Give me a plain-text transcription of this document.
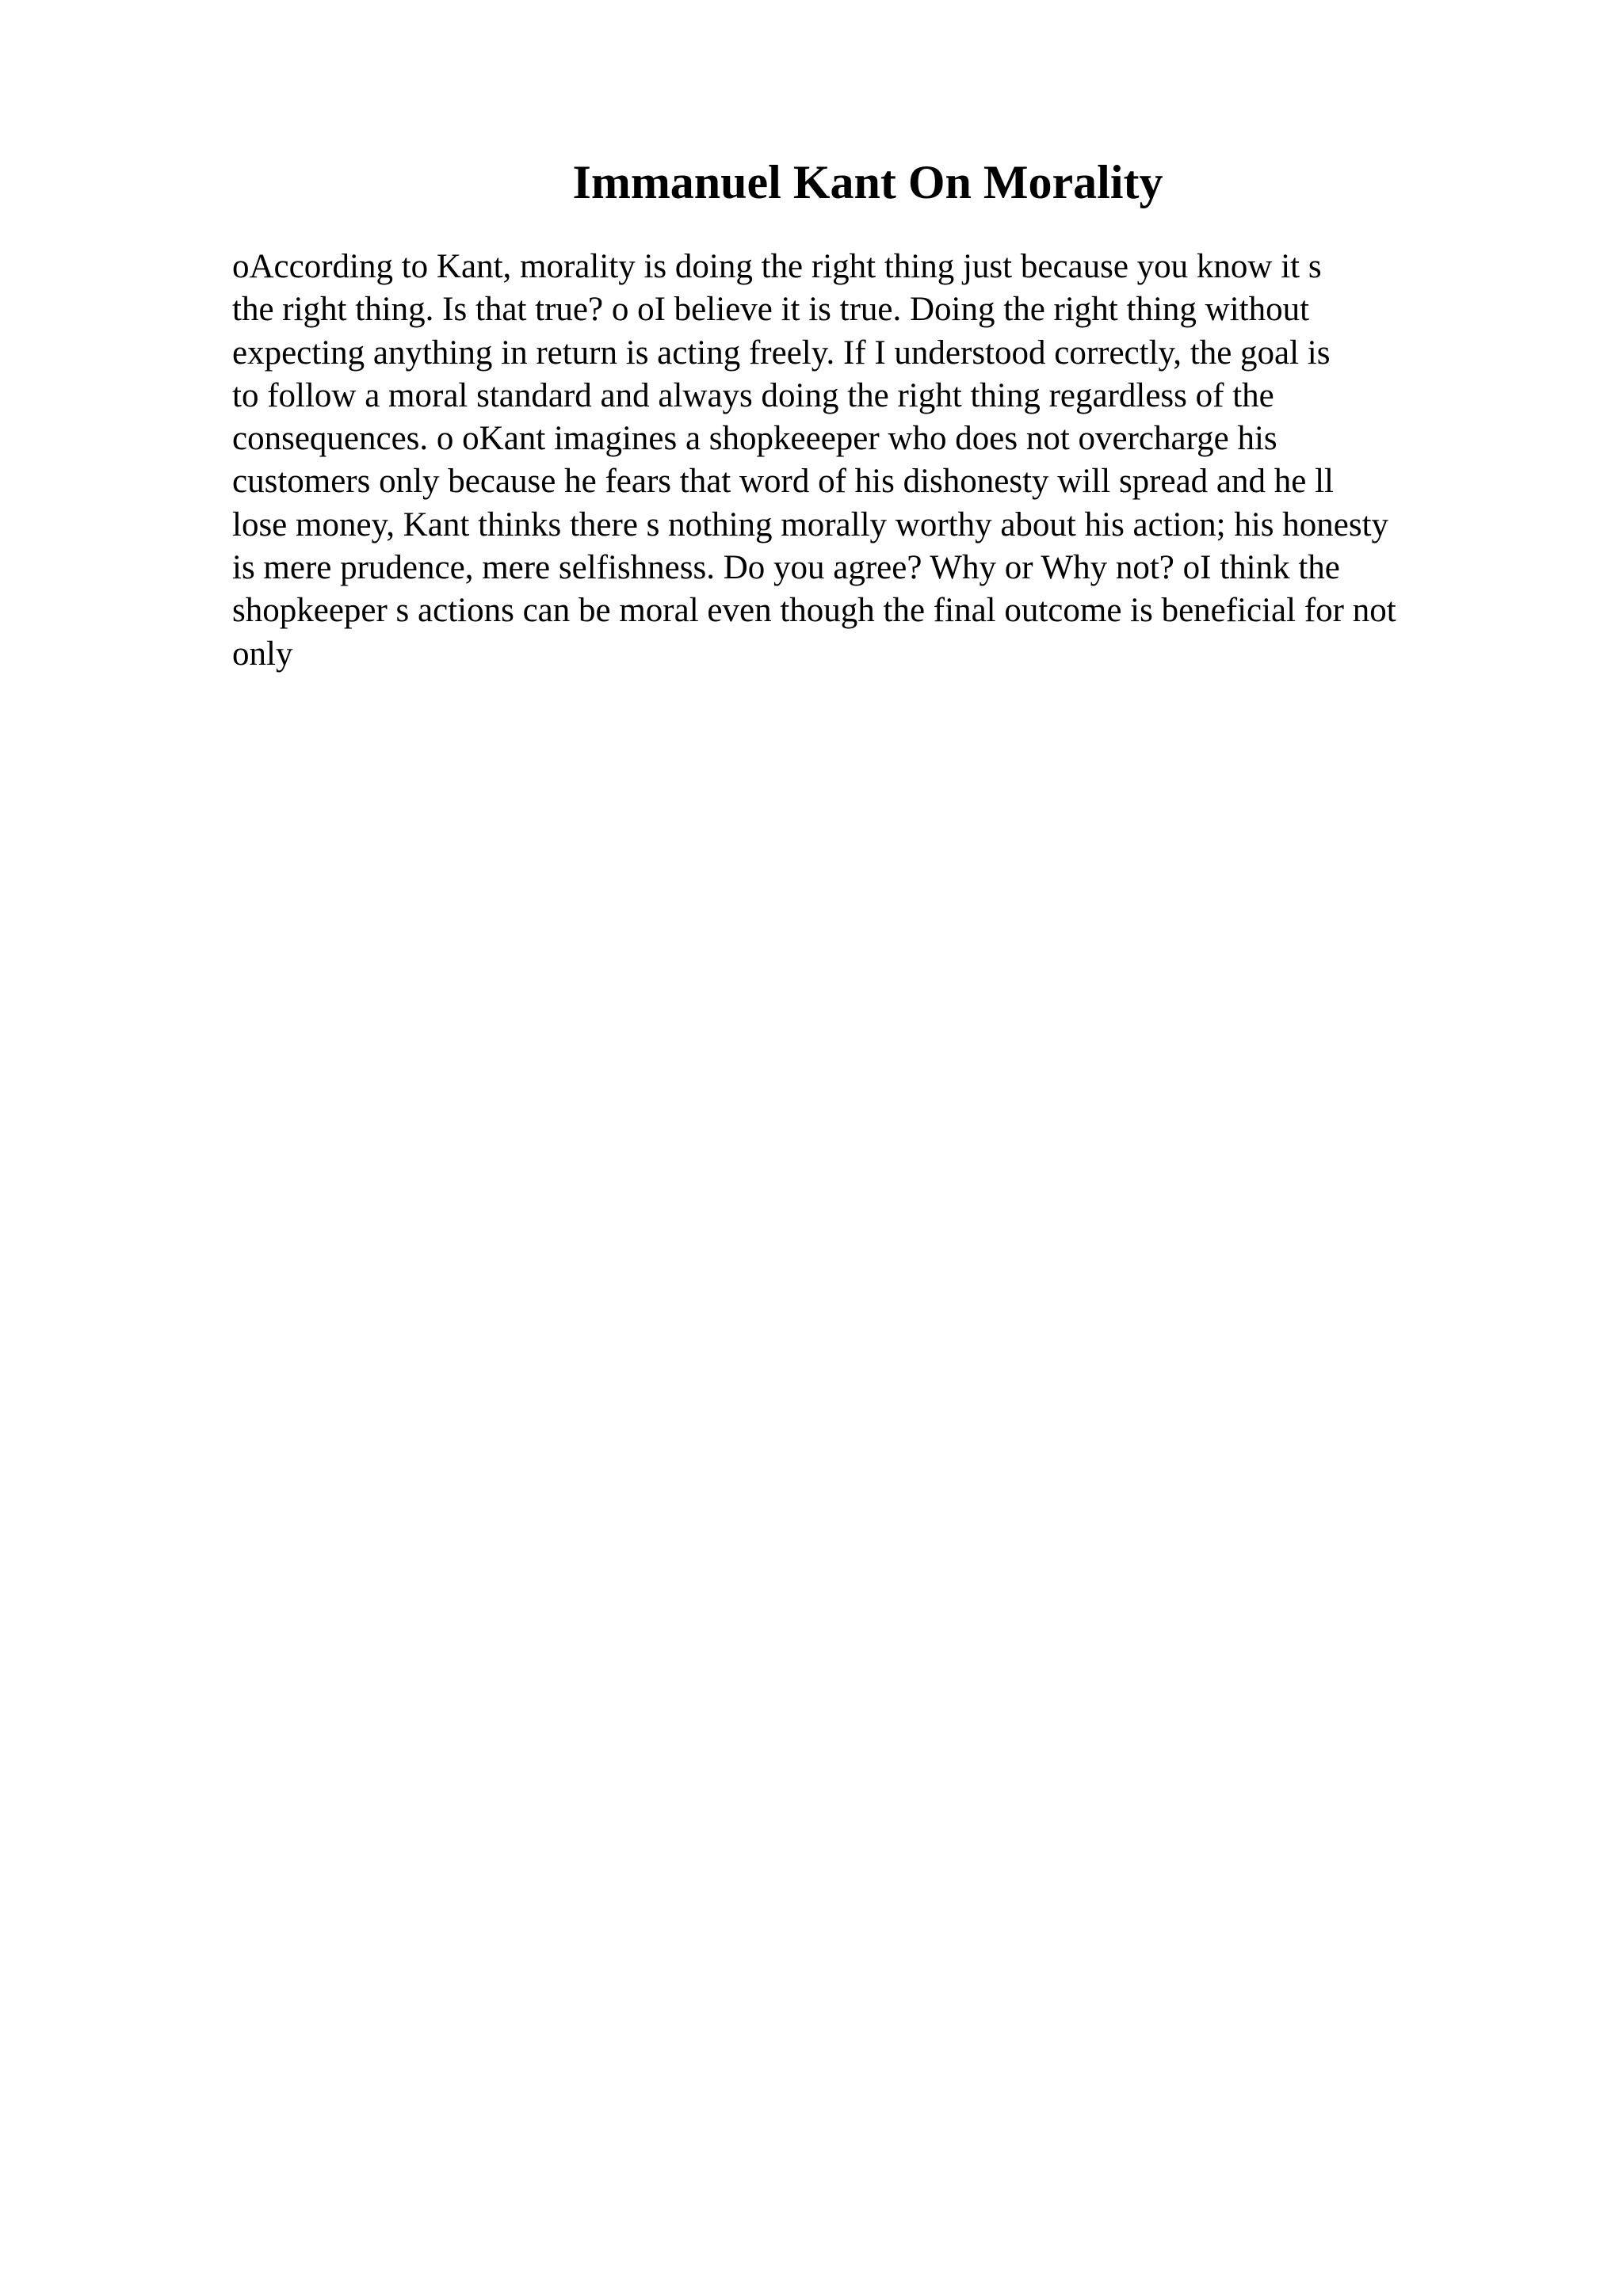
Immanuel Kant On Morality
oAccording to Kant, morality is doing the right thing just because you know it s
the right thing. Is that true? o oI believe it is true. Doing the right thing without
expecting anything in return is acting freely. If I understood correctly, the goal is
to follow a moral standard and always doing the right thing regardless of the
consequences. o oKant imagines a shopkeeeper who does not overcharge his
customers only because he fears that word of his dishonesty will spread and he ll
lose money, Kant thinks there s nothing morally worthy about his action; his honesty
is mere prudence, mere selfishness. Do you agree? Why or Why not? oI think the
shopkeeper s actions can be moral even though the final outcome is beneficial for not
only
